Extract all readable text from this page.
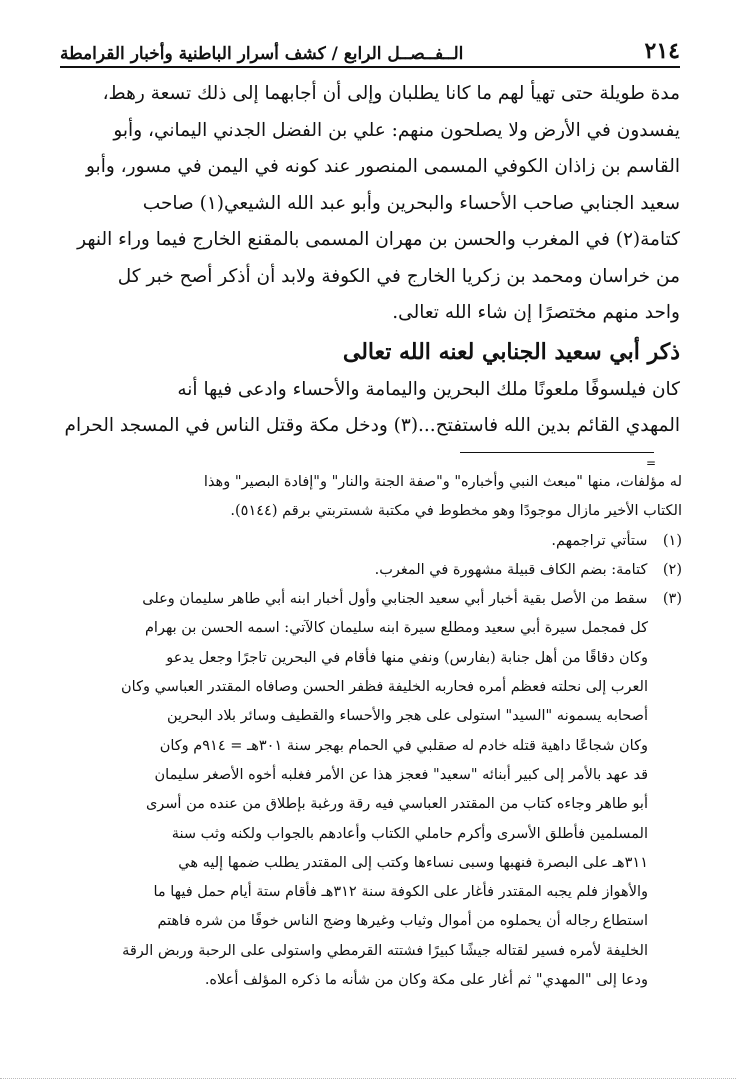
٢١٤
الــفــصــل الرابع / كشف أسرار الباطنية وأخبار القرامطة
مدة طويلة حتى تهيأ لهم ما كانا يطلبان وإلى أن أجابهما إلى ذلك تسعة رهط،
يفسدون في الأرض ولا يصلحون منهم: علي بن الفضل الجدني اليماني، وأبو
القاسم بن زاذان الكوفي المسمى المنصور عند كونه في اليمن في مسور، وأبو
سعيد الجنابي صاحب الأحساء والبحرين وأبو عبد الله الشيعي(١) صاحب
كتامة(٢) في المغرب والحسن بن مهران المسمى بالمقنع الخارج فيما وراء النهر
من خراسان ومحمد بن زكريا الخارج في الكوفة ولابد أن أذكر أصح خبر كل
واحد منهم مختصرًا إن شاء الله تعالى.
ذكر أبي سعيد الجنابي لعنه الله تعالى
كان فيلسوفًا ملعونًا ملك البحرين واليمامة والأحساء وادعى فيها أنه
المهدي القائم بدين الله فاستفتح...(٣) ودخل مكة وقتل الناس في المسجد الحرام
=
له مؤلفات، منها "مبعث النبي وأخباره" و"صفة الجنة والنار" و"إفادة البصير" وهذا
الكتاب الأخير مازال موجودًا وهو مخطوط في مكتبة شستربتي برقم (٥١٤٤).
(١) ستأتي تراجمهم.
(٢) كتامة: بضم الكاف قبيلة مشهورة في المغرب.
(٣) سقط من الأصل بقية أخبار أبي سعيد الجنابي وأول أخبار ابنه أبي طاهر سليمان وعلى
كل فمجمل سيرة أبي سعيد ومطلع سيرة ابنه سليمان كالآتي: اسمه الحسن بن بهرام
وكان دقاقًا من أهل جنابة (بفارس) ونفي منها فأقام في البحرين تاجرًا وجعل يدعو
العرب إلى نحلته فعظم أمره فحاربه الخليفة فظفر الحسن وصافاه المقتدر العباسي وكان
أصحابه يسمونه "السيد" استولى على هجر والأحساء والقطيف وسائر بلاد البحرين
وكان شجاعًا داهية قتله خادم له صقلبي في الحمام بهجر سنة ٣٠١هـ = ٩١٤م وكان
قد عهد بالأمر إلى كبير أبنائه "سعيد" فعجز هذا عن الأمر فغلبه أخوه الأصغر سليمان
أبو طاهر وجاءه كتاب من المقتدر العباسي فيه رقة ورغبة بإطلاق من عنده من أسرى
المسلمين فأطلق الأسرى وأكرم حاملي الكتاب وأعادهم بالجواب ولكنه وثب سنة
٣١١هـ على البصرة فنهبها وسبى نساءها وكتب إلى المقتدر يطلب ضمها إليه هي
والأهواز فلم يجبه المقتدر فأغار على الكوفة سنة ٣١٢هـ فأقام ستة أيام حمل فيها ما
استطاع رجاله أن يحملوه من أموال وثياب وغيرها وضج الناس خوفًا من شره فاهتم
الخليفة لأمره فسير لقتاله جيشًا كبيرًا فشتته القرمطي واستولى على الرحبة وربض الرقة
ودعا إلى "المهدي" ثم أغار على مكة وكان من شأنه ما ذكره المؤلف أعلاه.
